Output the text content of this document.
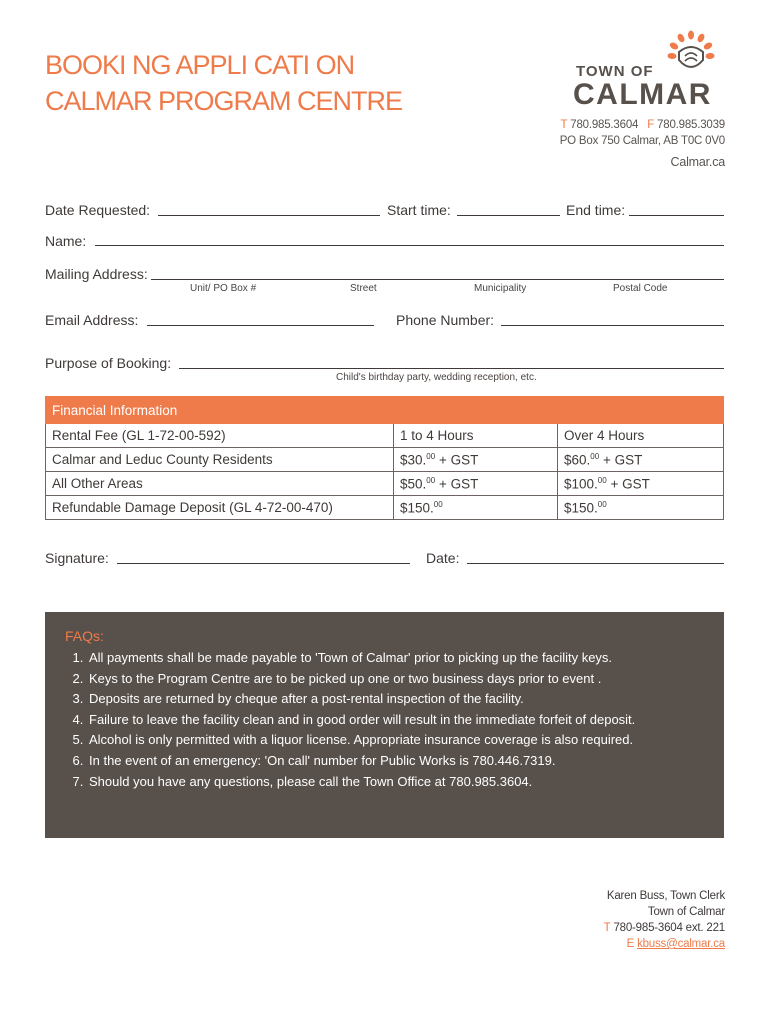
BOOKI NG APPLI CATI ON
CALMAR PROGRAM CENTRE
TOWN OF
CALMAR
T 780.985.3604 F 780.985.3039
PO Box 750 Calmar, AB T0C 0V0
Calmar.ca
Date Requested:	Start time:	End time:
Name:
Mailing Address:
Unit/ PO Box #	Street	Municipality	Postal Code
Email Address:	Phone Number:
Purpose of Booking:
Child's birthday party, wedding reception, etc.
Financial Information		
Rental Fee (GL 1-72-00-592)	1 to 4 Hours	Over 4 Hours
Calmar and Leduc County Residents	$30.00 + GST	$60.00 + GST
All Other Areas	$50.00 + GST	$100.00 + GST
Refundable Damage Deposit (GL 4-72-00-470)	$150.00	$150.00
Signature:	Date:
FAQs:
1. All payments shall be made payable to 'Town of Calmar' prior to picking up the facility keys.
2. Keys to the Program Centre are to be picked up one or two business days prior to event .
3. Deposits are returned by cheque after a post-rental inspection of the facility.
4. Failure to leave the facility clean and in good order will result in the immediate forfeit of deposit.
5. Alcohol is only permitted with a liquor license. Appropriate insurance coverage is also required.
6. In the event of an emergency: 'On call' number for Public Works is 780.446.7319.
7. Should you have any questions, please call the Town Office at 780.985.3604.
Karen Buss, Town Clerk
Town of Calmar
T 780-985-3604 ext. 221
E kbuss@calmar.ca
